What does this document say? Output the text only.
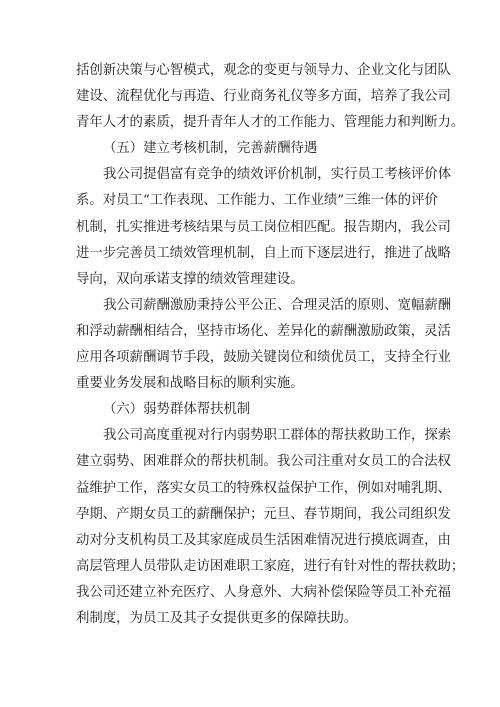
括创新决策与心智模式，观念的变更与领导力、企业文化与团队
建设、流程优化与再造、行业商务礼仪等多方面，培养了我公司
青年人才的素质，提升青年人才的工作能力、管理能力和判断力。
（五）建立考核机制，完善薪酬待遇
我公司提倡富有竞争的绩效评价机制，实行员工考核评价体
系。对员工“工作表现、工作能力、工作业绩”三维一体的评价
机制，扎实推进考核结果与员工岗位相匹配。报告期内，我公司
进一步完善员工绩效管理机制，自上而下逐层进行，推进了战略
导向，双向承诺支撑的绩效管理建设。
我公司薪酬激励秉持公平公正、合理灵活的原则、宽幅薪酬
和浮动薪酬相结合，坚持市场化、差异化的薪酬激励政策，灵活
应用各项薪酬调节手段，鼓励关键岗位和绩优员工，支持全行业
重要业务发展和战略目标的顺利实施。
（六）弱势群体帮扶机制
我公司高度重视对行内弱势职工群体的帮扶救助工作，探索
建立弱势、困难群众的帮扶机制。我公司注重对女员工的合法权
益维护工作，落实女员工的特殊权益保护工作，例如对哺乳期、
孕期、产期女员工的薪酬保护；元旦、春节期间，我公司组织发
动对分支机构员工及其家庭成员生活困难情况进行摸底调查，由
高层管理人员带队走访困难职工家庭，进行有针对性的帮扶救助；
我公司还建立补充医疗、人身意外、大病补偿保险等员工补充福
利制度，为员工及其子女提供更多的保障扶助。
